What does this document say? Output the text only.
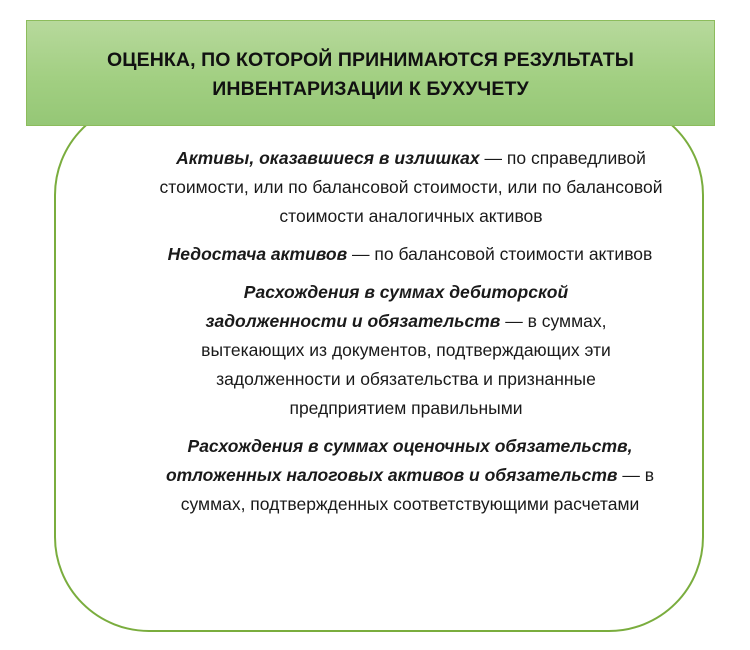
ОЦЕНКА, ПО КОТОРОЙ ПРИНИМАЮТСЯ РЕЗУЛЬТАТЫ ИНВЕНТАРИЗАЦИИ К БУХУЧЕТУ

Активы, оказавшиеся в излишках — по справедливой стоимости, или по балансовой стоимости, или по балансовой стоимости аналогичных активов

Недостача активов — по балансовой стоимости активов

Расхождения в суммах дебиторской задолженности и обязательств — в суммах, вытекающих из документов, подтверждающих эти задолженности и обязательства и признанные предприятием правильными

Расхождения в суммах оценочных обязательств, отложенных налоговых активов и обязательств — в суммах, подтвержденных соответствующими расчетами
